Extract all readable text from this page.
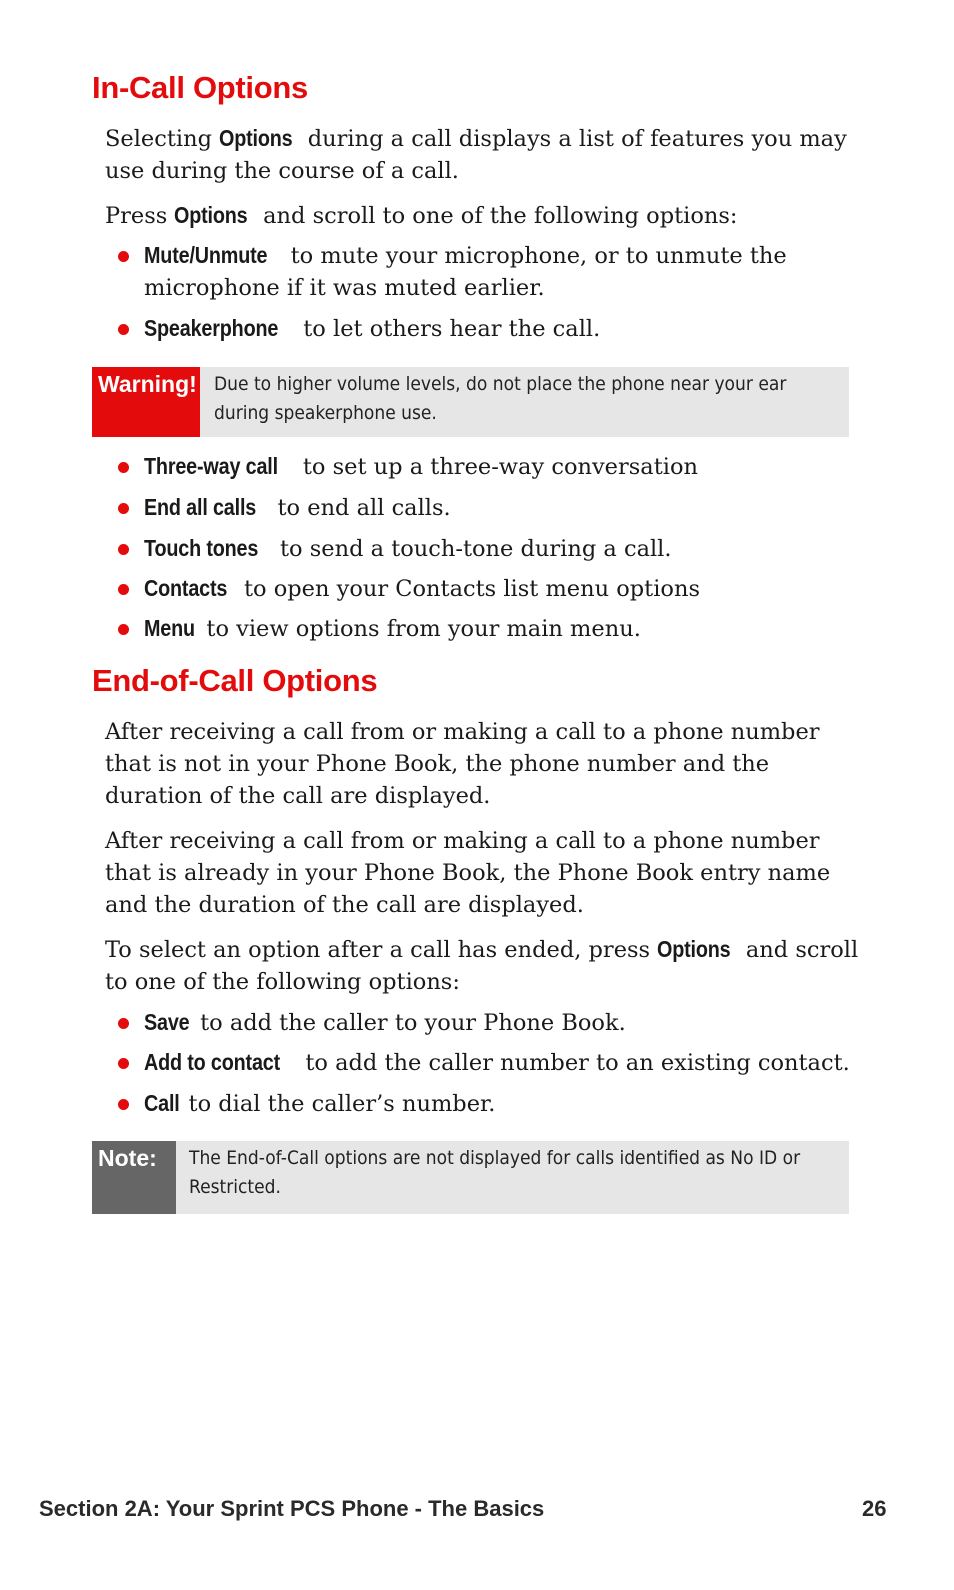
In-Call Options

Selecting Options during a call displays a list of features you may use during the course of a call.

Press Options and scroll to one of the following options:

Mute/Unmute to mute your microphone, or to unmute the microphone if it was muted earlier.
Speakerphone to let others hear the call.
Warning! Due to higher volume levels, do not place the phone near your ear during speakerphone use.
Three-way call to set up a three-way conversation
End all calls to end all calls.
Touch tones to send a touch-tone during a call.
Contacts to open your Contacts list menu options
Menu to view options from your main menu.
End-of-Call Options

After receiving a call from or making a call to a phone number that is not in your Phone Book, the phone number and the duration of the call are displayed.

After receiving a call from or making a call to a phone number that is already in your Phone Book, the Phone Book entry name and the duration of the call are displayed.

To select an option after a call has ended, press Options and scroll to one of the following options:

Save to add the caller to your Phone Book.
Add to contact to add the caller number to an existing contact.
Call to dial the caller’s number.
Note:	The End-of-Call options are not displayed for calls identified as No ID or Restricted.
Section 2A: Your Sprint PCS Phone - The Basics	26
